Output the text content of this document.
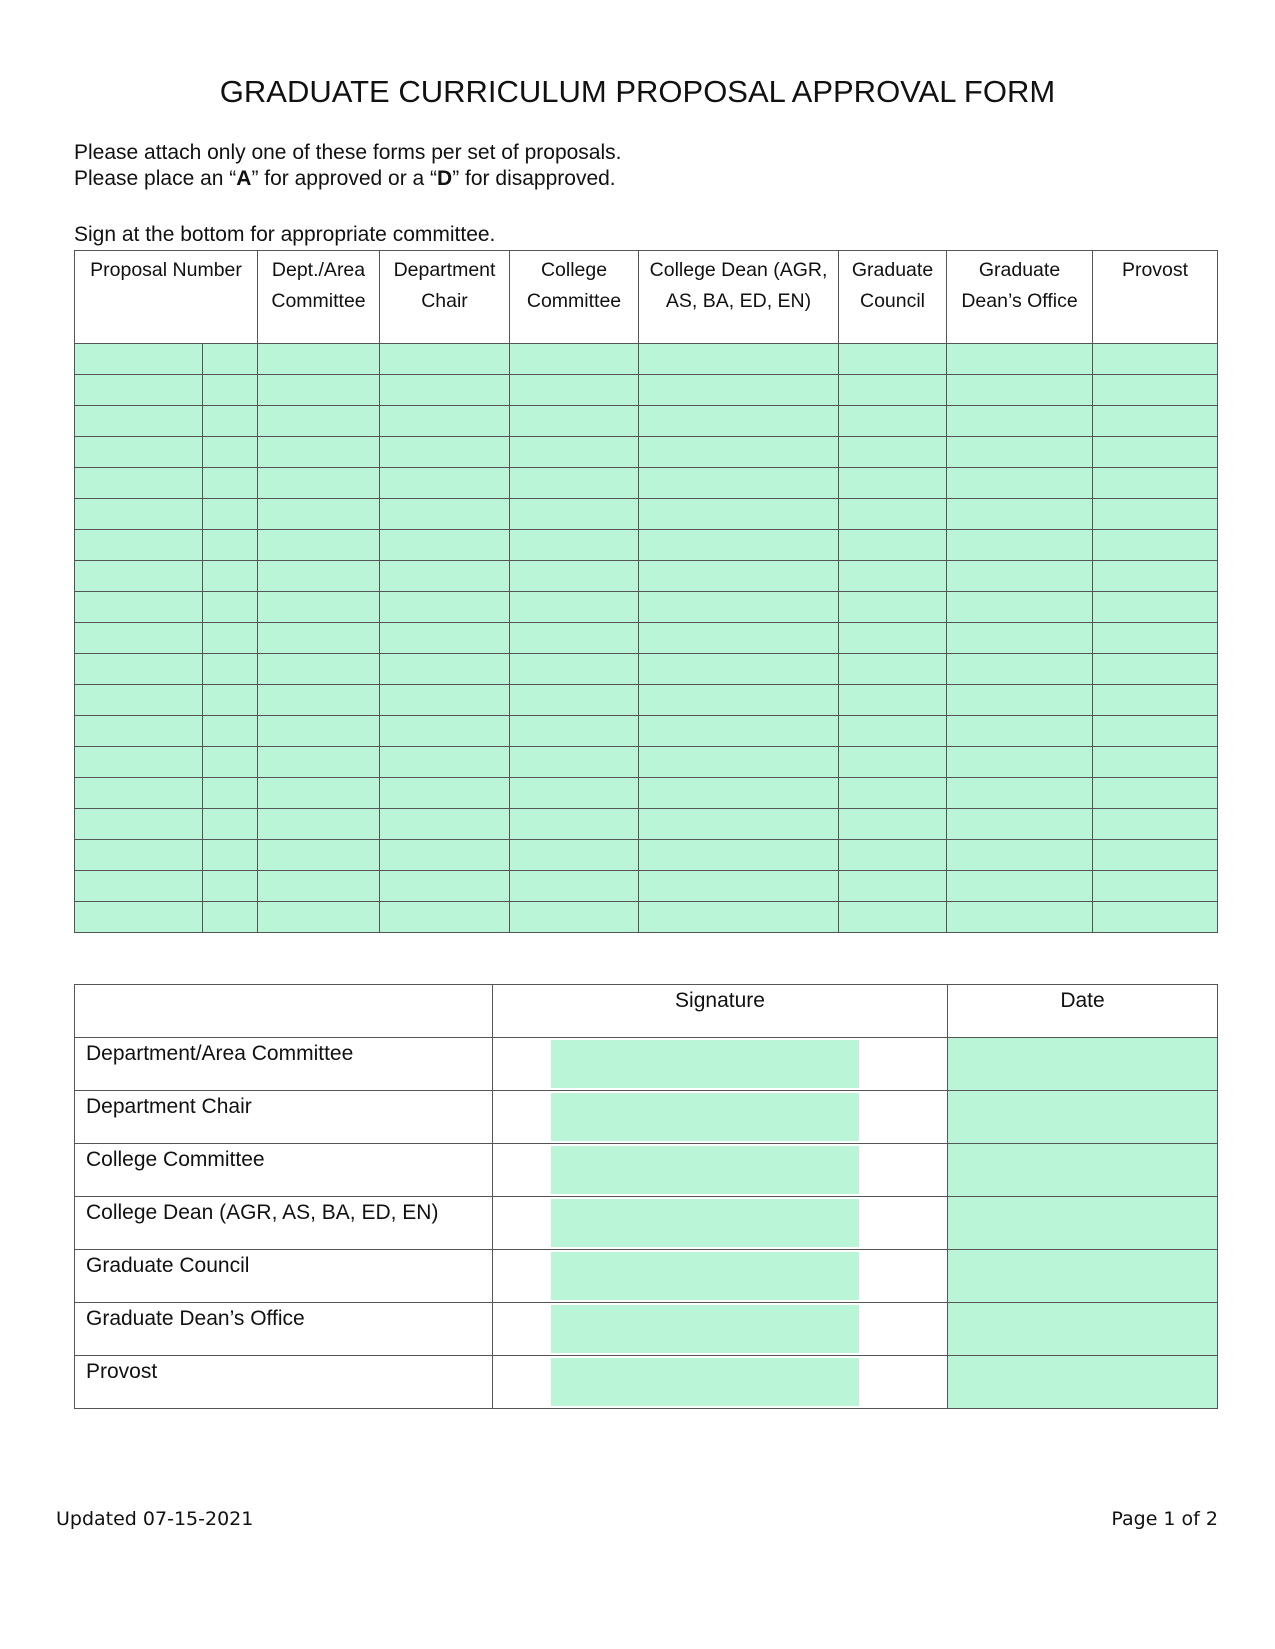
GRADUATE CURRICULUM PROPOSAL APPROVAL FORM
Please attach only one of these forms per set of proposals.
Please place an “A” for approved or a “D” for disapproved.
Sign at the bottom for appropriate committee.
Proposal Number		Dept./Area Committee	Department Chair	College Committee	College Dean (AGR, AS, BA, ED, EN)	Graduate Council	Graduate Dean’s Office	Provost

	Signature	Date
Department/Area Committee	

Department Chair	

College Committee	

College Dean (AGR, AS, BA, ED, EN)	

Graduate Council	

Graduate Dean’s Office	

Provost	

Updated 07-15-2021	Page 1 of 2
